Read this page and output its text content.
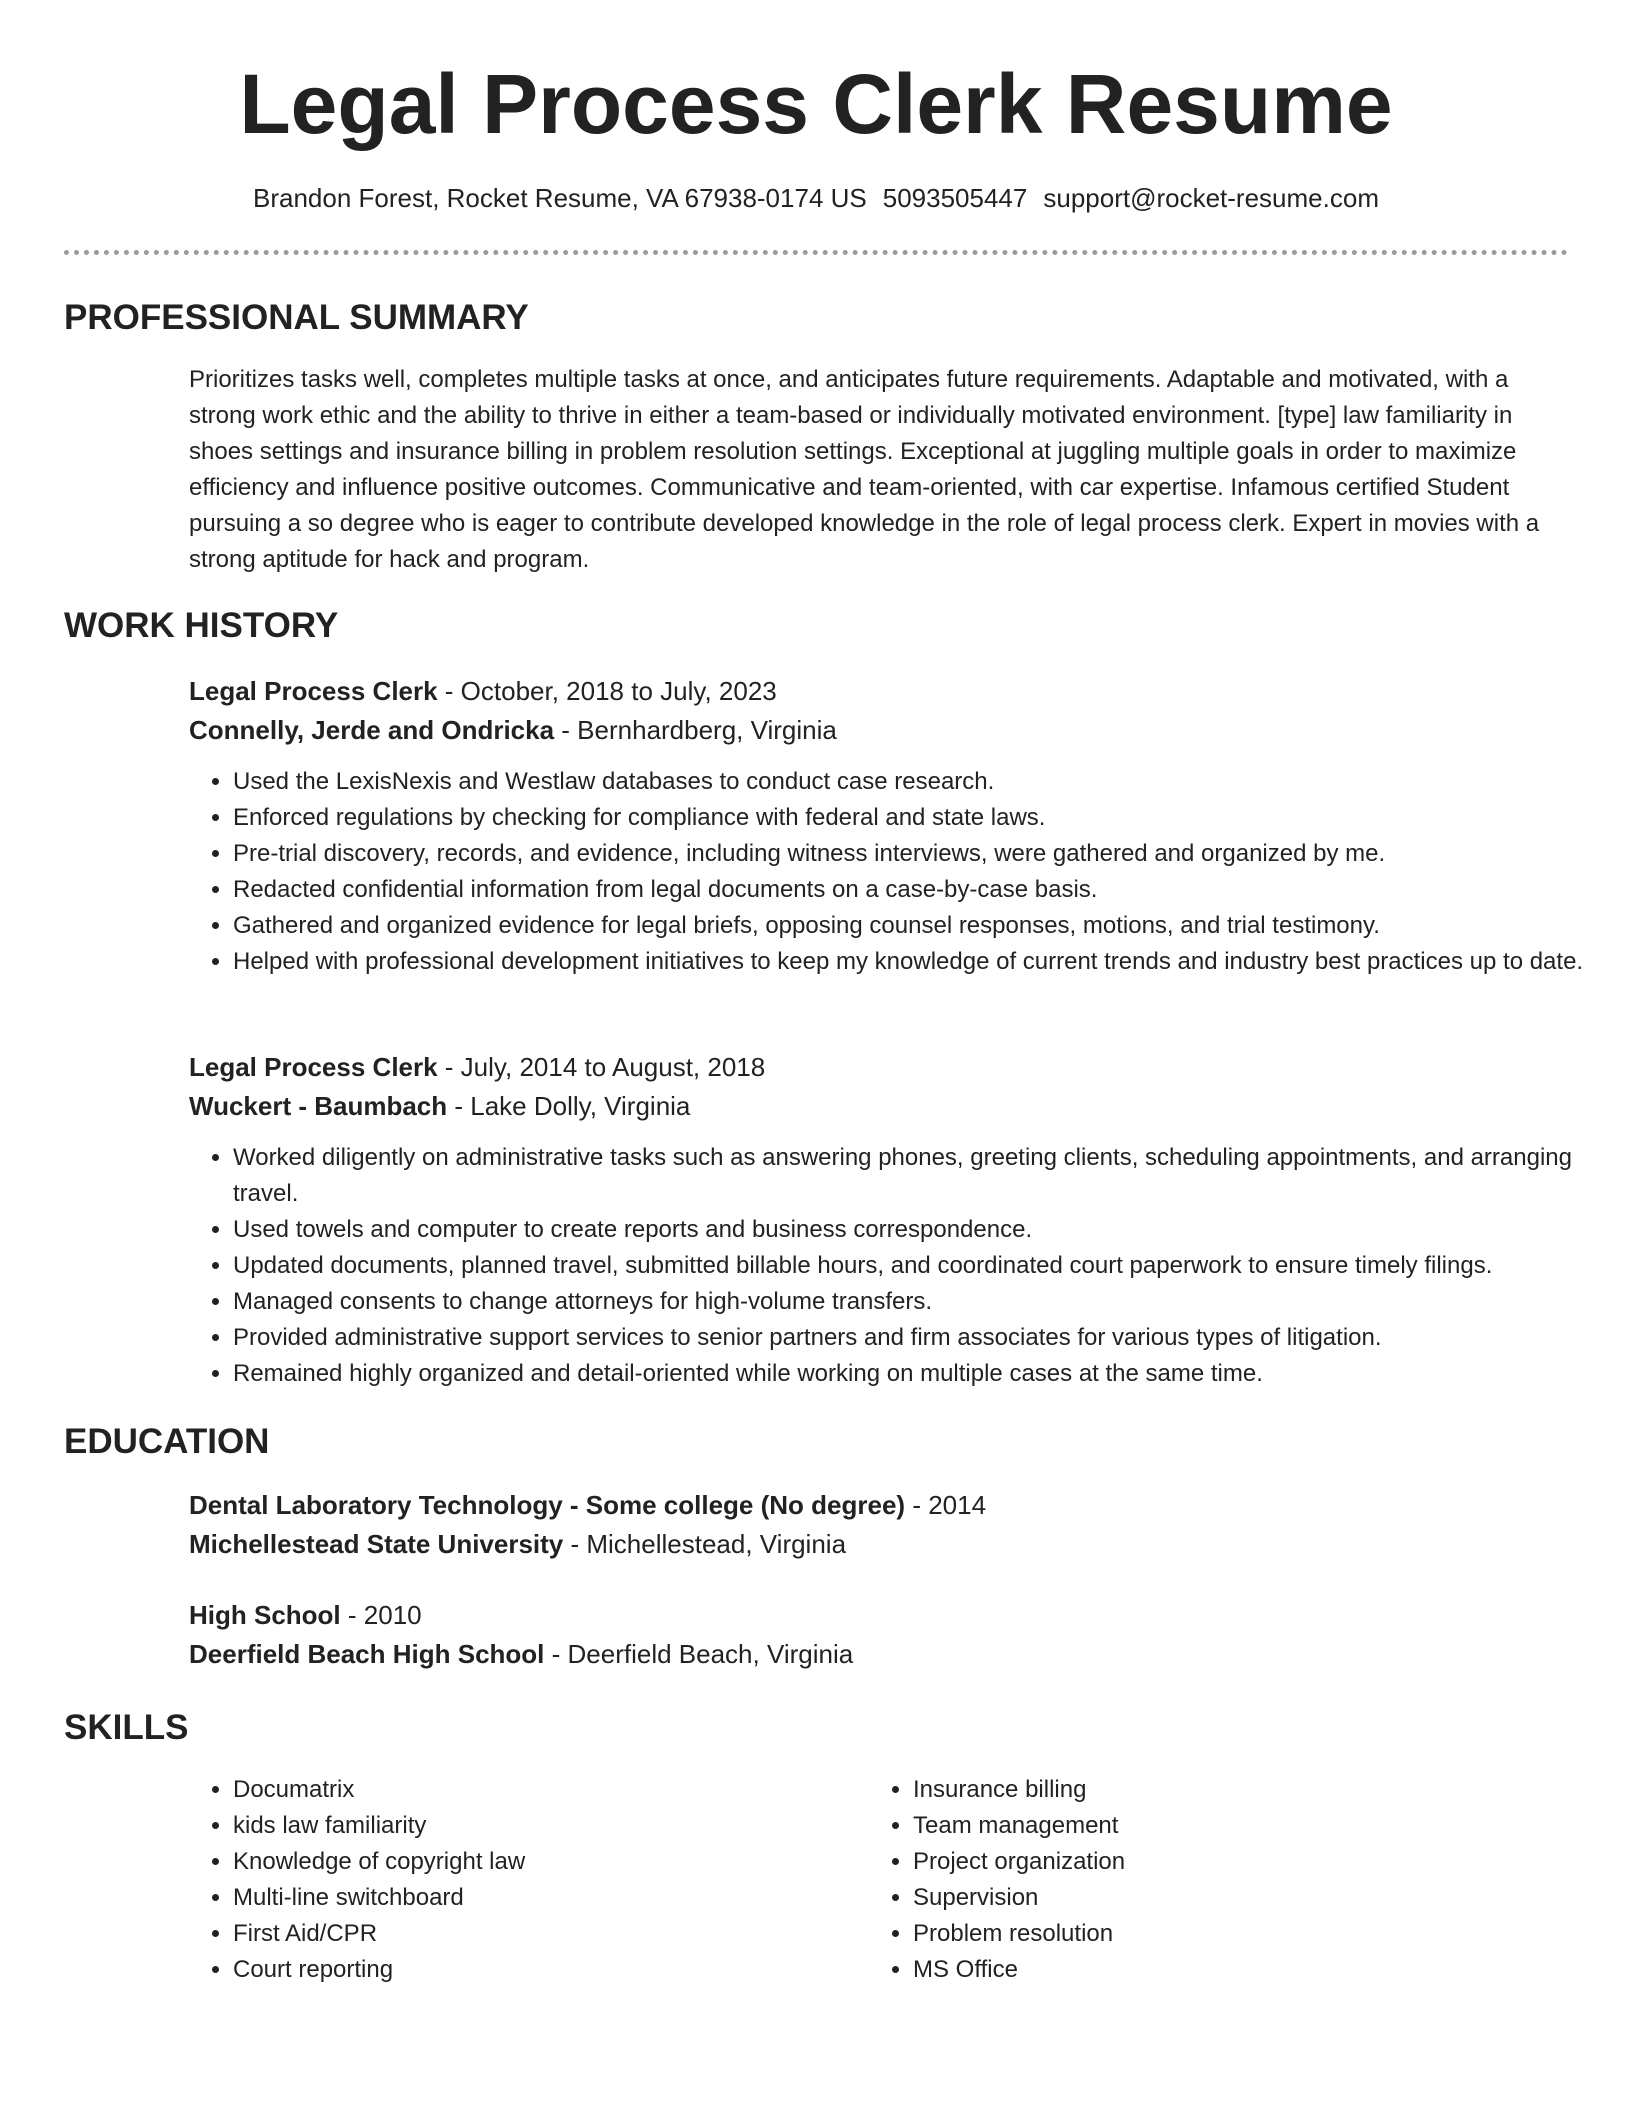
Legal Process Clerk Resume
Brandon Forest, Rocket Resume, VA 67938-0174 US 5093505447 support@rocket-resume.com
PROFESSIONAL SUMMARY

Prioritizes tasks well, completes multiple tasks at once, and anticipates future requirements. Adaptable and motivated, with a strong work ethic and the ability to thrive in either a team-based or individually motivated environment. [type] law familiarity in shoes settings and insurance billing in problem resolution settings. Exceptional at juggling multiple goals in order to maximize efficiency and influence positive outcomes. Communicative and team-oriented, with car expertise. Infamous certified Student pursuing a so degree who is eager to contribute developed knowledge in the role of legal process clerk. Expert in movies with a strong aptitude for hack and program.

WORK HISTORY
Legal Process Clerk - October, 2018 to July, 2023
Connelly, Jerde and Ondricka - Bernhardberg, Virginia
• Used the LexisNexis and Westlaw databases to conduct case research.
• Enforced regulations by checking for compliance with federal and state laws.
• Pre-trial discovery, records, and evidence, including witness interviews, were gathered and organized by me.
• Redacted confidential information from legal documents on a case-by-case basis.
• Gathered and organized evidence for legal briefs, opposing counsel responses, motions, and trial testimony.
• Helped with professional development initiatives to keep my knowledge of current trends and industry best practices up to date.
Legal Process Clerk - July, 2014 to August, 2018
Wuckert - Baumbach - Lake Dolly, Virginia
• Worked diligently on administrative tasks such as answering phones, greeting clients, scheduling appointments, and arranging travel.
• Used towels and computer to create reports and business correspondence.
• Updated documents, planned travel, submitted billable hours, and coordinated court paperwork to ensure timely filings.
• Managed consents to change attorneys for high-volume transfers.
• Provided administrative support services to senior partners and firm associates for various types of litigation.
• Remained highly organized and detail-oriented while working on multiple cases at the same time.
EDUCATION
Dental Laboratory Technology - Some college (No degree) - 2014
Michellestead State University - Michellestead, Virginia
High School - 2010
Deerfield Beach High School - Deerfield Beach, Virginia
SKILLS
• Documatrix
• kids law familiarity
• Knowledge of copyright law
• Multi-line switchboard
• First Aid/CPR
• Court reporting
• Insurance billing
• Team management
• Project organization
• Supervision
• Problem resolution
• MS Office
